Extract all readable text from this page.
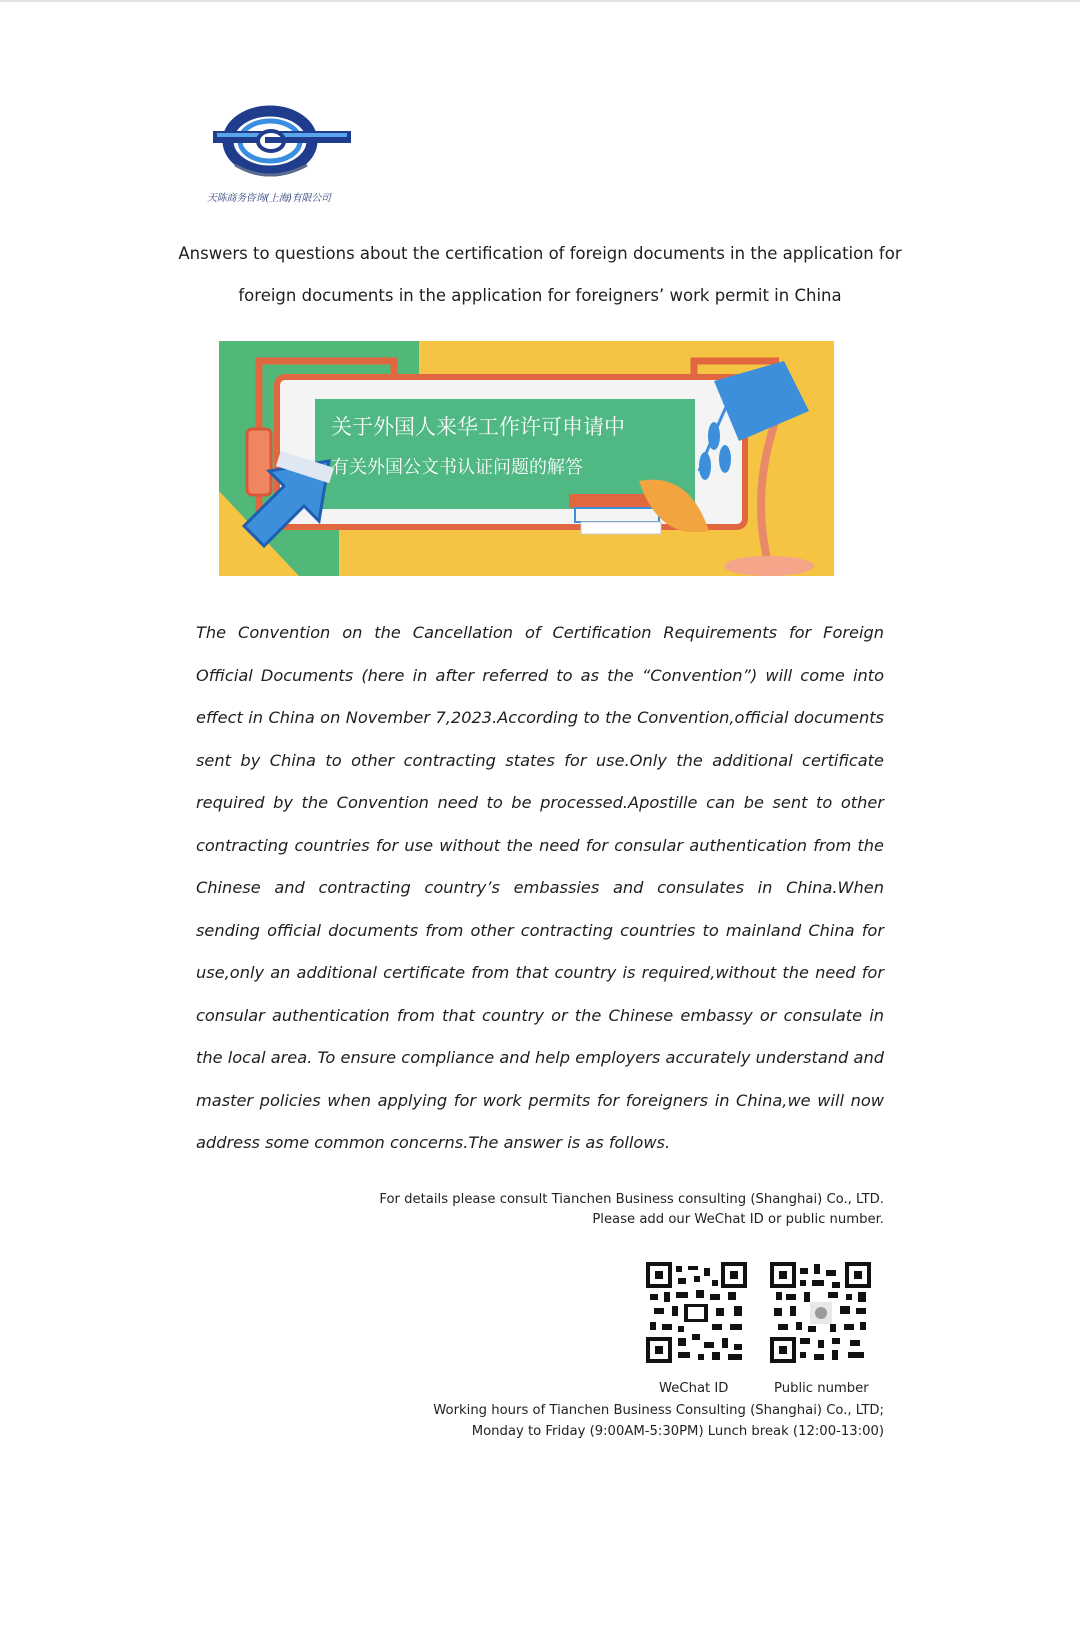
天陈商务咨询(上海)有限公司
Answers to questions about the certification of foreign documents in the application for
foreign documents in the application for foreigners’ work permit in China
关于外国人来华工作许可申请中
有关外国公文书认证问题的解答
The Convention on the Cancellation of Certification Requirements for Foreign Official Documents (here in after referred to as the “Convention”) will come into effect in China on November 7,2023.According to the Convention,official documents sent by China to other contracting states for use.Only the additional certificate required by the Convention need to be processed.Apostille can be sent to other contracting countries for use without the need for consular authentication from the Chinese and contracting country’s embassies and consulates in China.When sending official documents from other contracting countries to mainland China for use,only an additional certificate from that country is required,without the need for consular authentication from that country or the Chinese embassy or consulate in the local area. To ensure compliance and help employers accurately understand and master policies when applying for work permits for foreigners in China,we will now address some common concerns.The answer is as follows.
For details please consult Tianchen Business consulting (Shanghai) Co., LTD.
Please add our WeChat ID or public number.
WeChat ID	Public number
Working hours of Tianchen Business Consulting (Shanghai) Co., LTD;
Monday to Friday (9:00AM-5:30PM) Lunch break (12:00-13:00)
